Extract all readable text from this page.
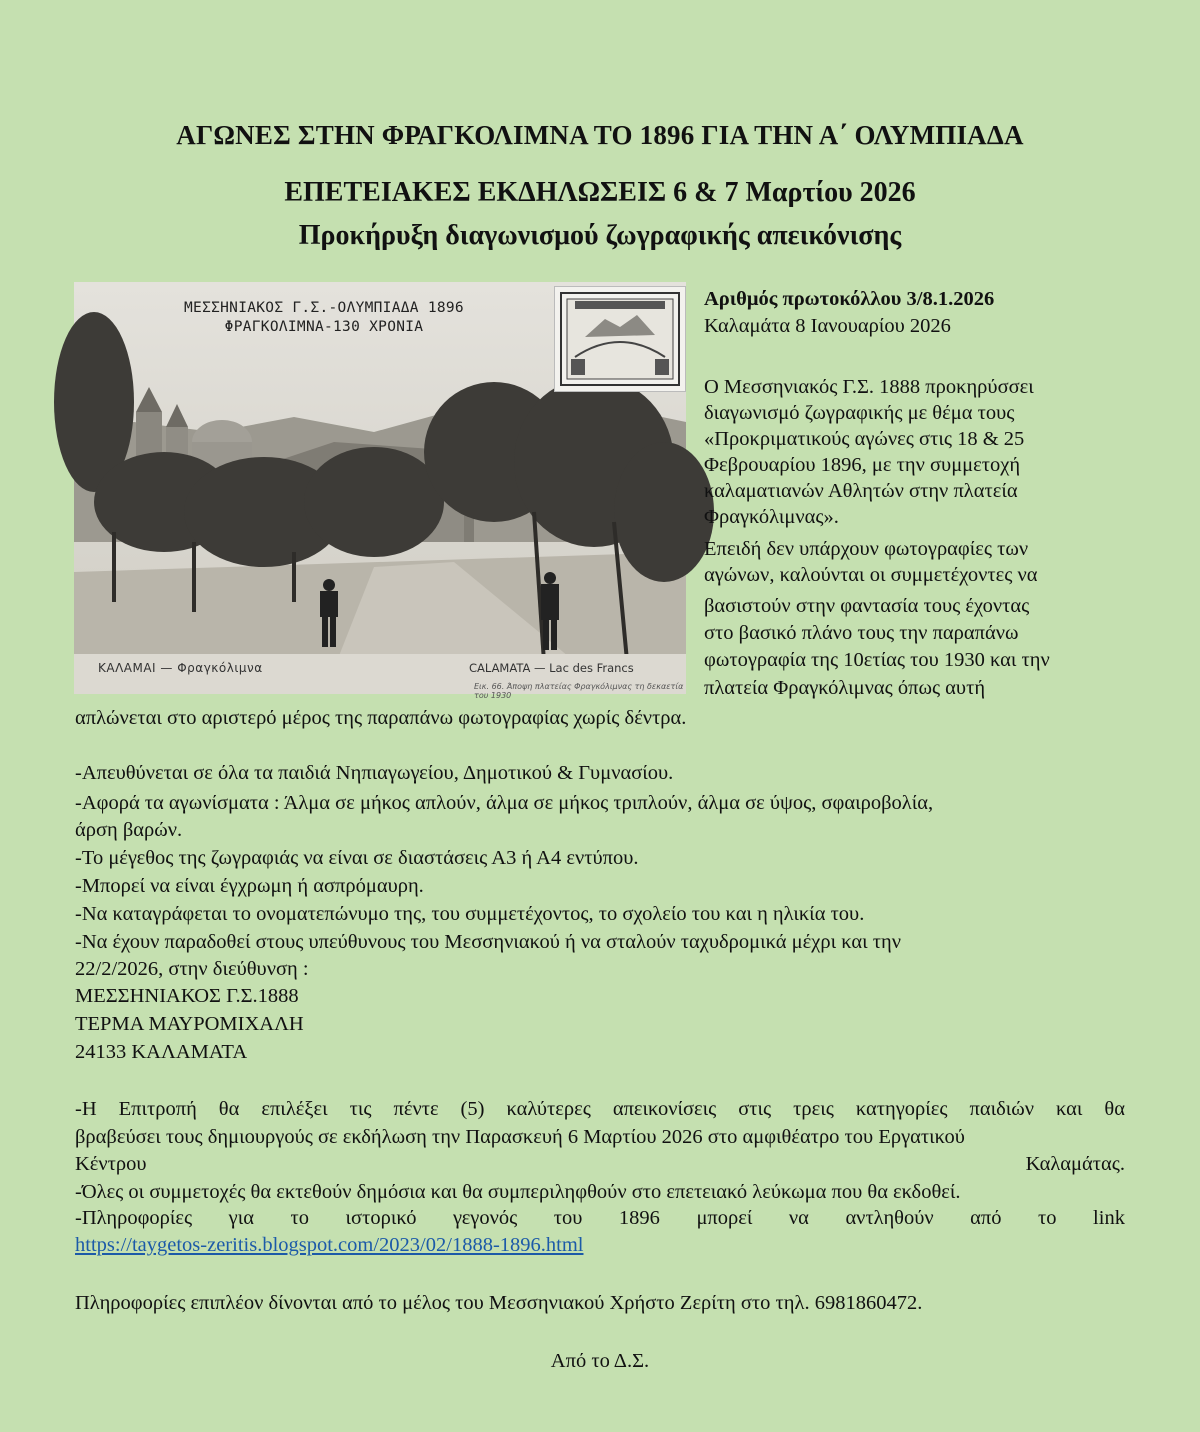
ΑΓΩΝΕΣ ΣΤΗΝ ΦΡΑΓΚΟΛΙΜΝΑ ΤΟ 1896 ΓΙΑ ΤΗΝ Α΄ ΟΛΥΜΠΙΑΔΑ
ΕΠΕΤΕΙΑΚΕΣ ΕΚΔΗΛΩΣΕΙΣ 6 & 7 Μαρτίου 2026
Προκήρυξη διαγωνισμού ζωγραφικής απεικόνισης
ΜΕΣΣΗΝΙΑΚΟΣ Γ.Σ.-ΟΛΥΜΠΙΑΔΑ 1896
ΦΡΑΓΚΟΛΙΜΝΑ-130 ΧΡΟΝΙΑ
ΚΑΛΑΜΑΙ — Φραγκόλιμνα	CALAMATA — Lac des Francs
Εικ. 66. Άποψη πλατείας Φραγκόλιμνας τη δεκαετία του 1930
Αριθμός πρωτοκόλλου 3/8.1.2026
Καλαμάτα 8 Ιανουαρίου 2026
Ο Μεσσηνιακός Γ.Σ. 1888 προκηρύσσει
διαγωνισμό ζωγραφικής με θέμα τους
«Προκριματικούς αγώνες στις 18 & 25
Φεβρουαρίου 1896, με την συμμετοχή
καλαματιανών Αθλητών στην πλατεία
Φραγκόλιμνας».
Επειδή δεν υπάρχουν φωτογραφίες των
αγώνων, καλούνται οι συμμετέχοντες να
βασιστούν στην φαντασία τους έχοντας
στο βασικό πλάνο τους την παραπάνω
φωτογραφία της 10ετίας του 1930 και την
πλατεία Φραγκόλιμνας όπως αυτή
απλώνεται στο αριστερό μέρος της παραπάνω φωτογραφίας χωρίς δέντρα.
-Απευθύνεται σε όλα τα παιδιά Νηπιαγωγείου, Δημοτικού & Γυμνασίου.
-Αφορά τα αγωνίσματα : Άλμα σε μήκος απλούν, άλμα σε μήκος τριπλούν, άλμα σε ύψος, σφαιροβολία,
άρση βαρών.
-Το μέγεθος της ζωγραφιάς να είναι σε διαστάσεις Α3 ή Α4 εντύπου.
-Μπορεί να είναι έγχρωμη ή ασπρόμαυρη.
-Να καταγράφεται το ονοματεπώνυμο της, του συμμετέχοντος, το σχολείο του και η ηλικία του.
-Να έχουν παραδοθεί στους υπεύθυνους του Μεσσηνιακού ή να σταλούν ταχυδρομικά μέχρι και την
22/2/2026, στην διεύθυνση :
ΜΕΣΣΗΝΙΑΚΟΣ Γ.Σ.1888
ΤΕΡΜΑ ΜΑΥΡΟΜΙΧΑΛΗ
24133 ΚΑΛΑΜΑΤΑ
-Η Επιτροπή θα επιλέξει τις πέντε (5) καλύτερες απεικονίσεις στις τρεις κατηγορίες παιδιών και θα
βραβεύσει τους δημιουργούς σε εκδήλωση την Παρασκευή 6 Μαρτίου 2026 στο αμφιθέατρο του Εργατικού
Κέντρου	Καλαμάτας.
-Όλες οι συμμετοχές θα εκτεθούν δημόσια και θα συμπεριληφθούν στο επετειακό λεύκωμα που θα εκδοθεί.
-Πληροφορίες για το ιστορικό γεγονός του 1896 μπορεί να αντληθούν από το link
https://taygetos-zeritis.blogspot.com/2023/02/1888-1896.html
Πληροφορίες επιπλέον δίνονται από το μέλος του Μεσσηνιακού Χρήστο Ζερίτη στο τηλ. 6981860472.
Από το Δ.Σ.
